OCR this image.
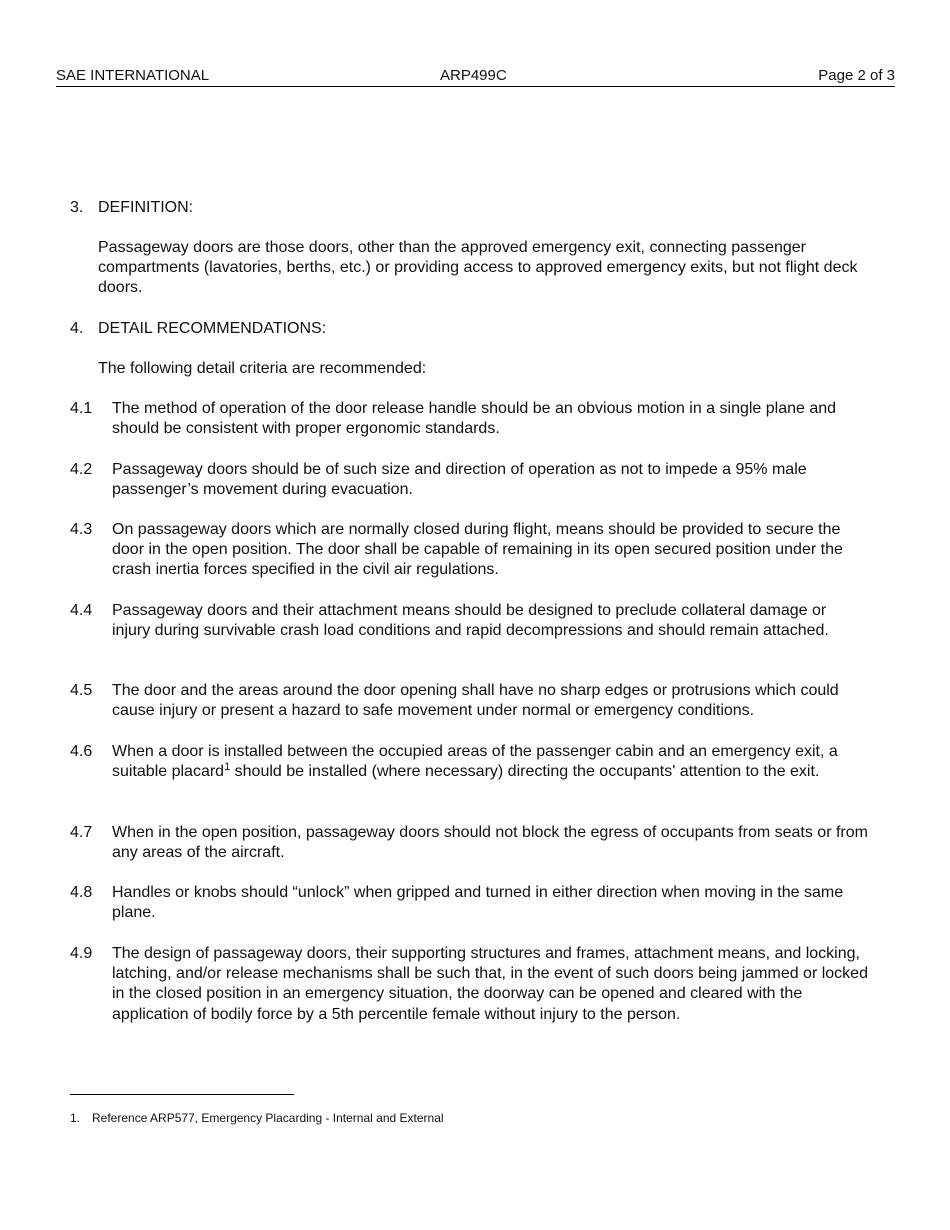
SAE INTERNATIONAL	ARP499C	Page 2 of 3
3. DEFINITION:
Passageway doors are those doors, other than the approved emergency exit, connecting passenger compartments (lavatories, berths, etc.) or providing access to approved emergency exits, but not flight deck doors.
4. DETAIL RECOMMENDATIONS:
The following detail criteria are recommended:
4.1 The method of operation of the door release handle should be an obvious motion in a single plane and should be consistent with proper ergonomic standards.
4.2 Passageway doors should be of such size and direction of operation as not to impede a 95% male passenger’s movement during evacuation.
4.3 On passageway doors which are normally closed during flight, means should be provided to secure the door in the open position. The door shall be capable of remaining in its open secured position under the crash inertia forces specified in the civil air regulations.
4.4 Passageway doors and their attachment means should be designed to preclude collateral damage or injury during survivable crash load conditions and rapid decompressions and should remain attached.
4.5 The door and the areas around the door opening shall have no sharp edges or protrusions which could cause injury or present a hazard to safe movement under normal or emergency conditions.
4.6 When a door is installed between the occupied areas of the passenger cabin and an emergency exit, a suitable placard$^1$ should be installed (where necessary) directing the occupants' attention to the exit.
4.7 When in the open position, passageway doors should not block the egress of occupants from seats or from any areas of the aircraft.
4.8 Handles or knobs should “unlock” when gripped and turned in either direction when moving in the same plane.
4.9 The design of passageway doors, their supporting structures and frames, attachment means, and locking, latching, and/or release mechanisms shall be such that, in the event of such doors being jammed or locked in the closed position in an emergency situation, the doorway can be opened and cleared with the application of bodily force by a 5th percentile female without injury to the person.
1. Reference ARP577, Emergency Placarding - Internal and External
